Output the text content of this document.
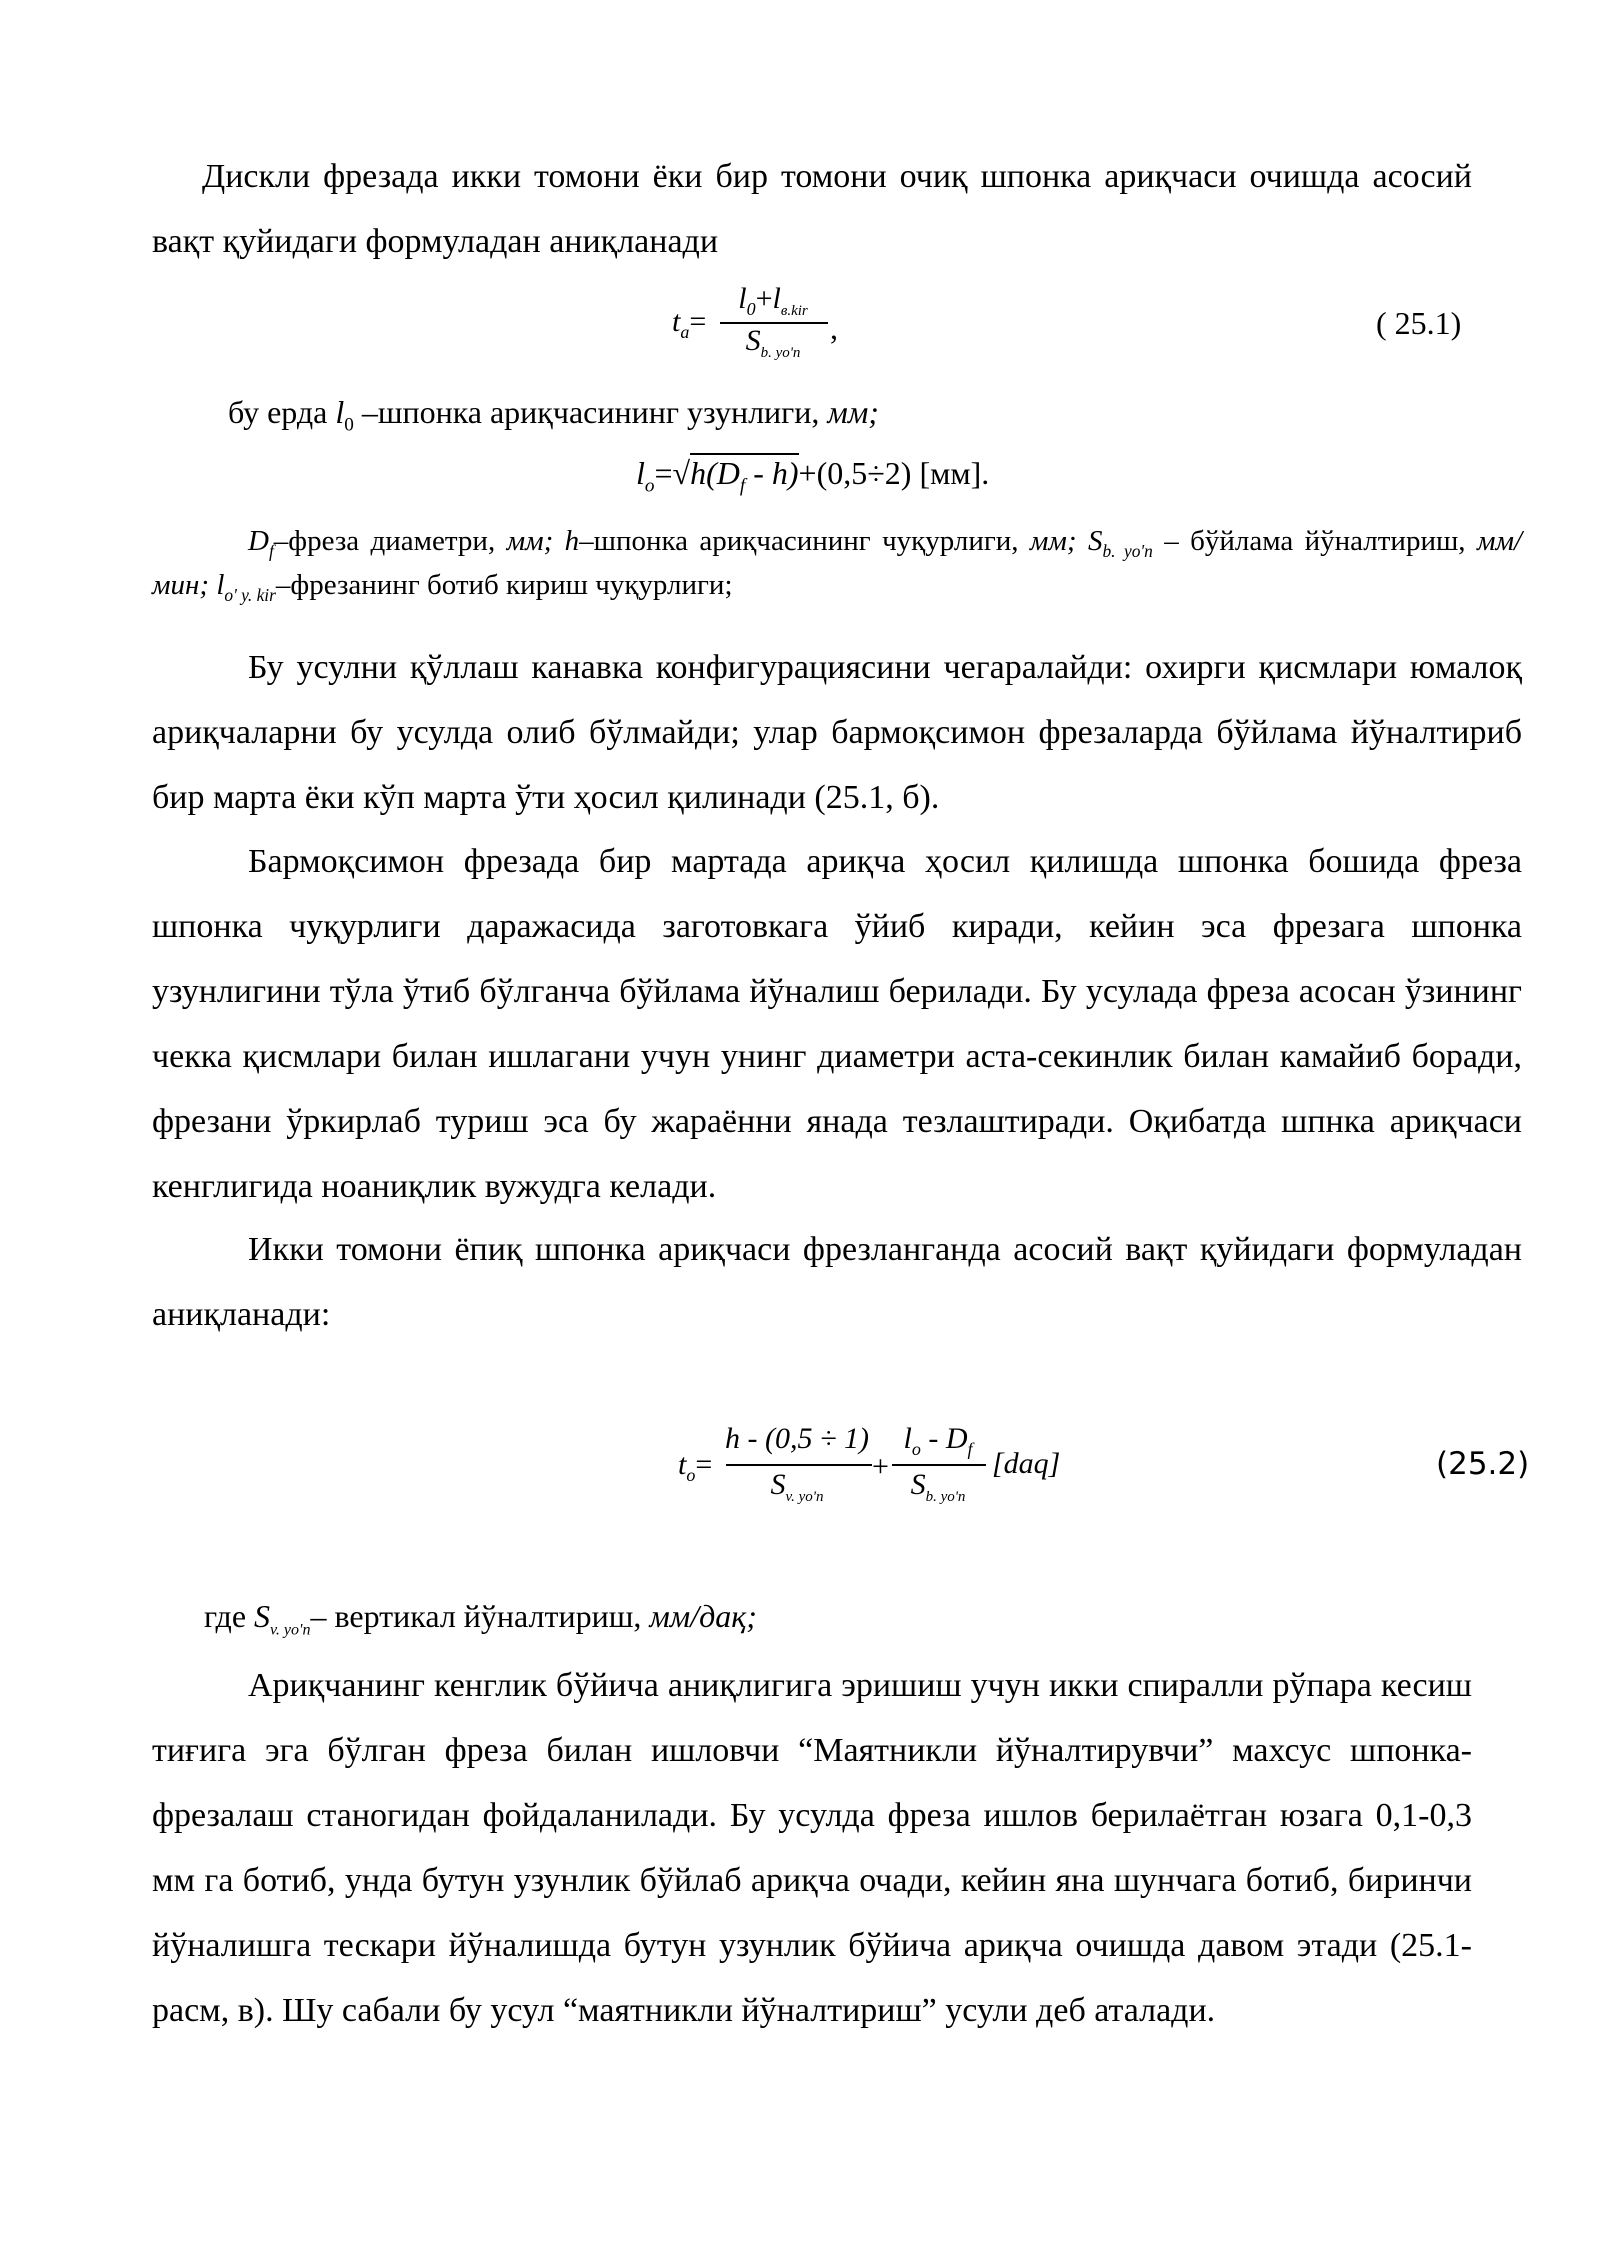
Дискли фрезада икки томони ёки бир томони очиқ шпонка ариқчаси очишда асосий вақт қуйидаги формуладан аниқланади
$t_a=$
$l_0+l_{в.kir}$
$S_{b. yo'n}$
,	( 25.1)
бу ерда $l_0$ –шпонка ариқчасининг узунлиги, мм;
$l_o=√h(D_f - h)+(0,5\div 2)$ [мм].
$D_f$–фреза диаметри, мм; h–шпонка ариқчасининг чуқурлиги, мм; $S_{b. yo'n}$ – бўйлама йўналтириш, мм/мин; $l_{o' y. kir}$–фрезанинг ботиб кириш чуқурлиги;
Бу усулни қўллаш канавка конфигурациясини чегаралайди: охирги қисмлари юмалоқ ариқчаларни бу усулда олиб бўлмайди; улар бармоқсимон фрезаларда бўйлама йўналтириб бир марта ёки кўп марта ўти ҳосил қилинади (25.1, б).
Бармоқсимон фрезада бир мартада ариқча ҳосил қилишда шпонка бошида фреза шпонка чуқурлиги даражасида заготовкага ўйиб киради, кейин эса фрезага шпонка узунлигини тўла ўтиб бўлганча бўйлама йўналиш берилади. Бу усулада фреза асосан ўзининг чекка қисмлари билан ишлагани учун унинг диаметри аста-секинлик билан камайиб боради, фрезани ўркирлаб туриш эса бу жараённи янада тезлаштиради. Оқибатда шпнка ариқчаси кенглигида ноаниқлик вужудга келади.
Икки томони ёпиқ шпонка ариқчаси фрезланганда асосий вақт қуйидаги формуладан аниқланади:
$t_o=$
h - (0,5 ÷ 1)
$S_{v. yo'n}$
+
$l_o - D_f$
$S_{b. yo'n}$
[daq]	(25.2)
где $S_{v. yo'n}-$ вертикал йўналтириш, мм/дақ;
Ариқчанинг кенглик бўйича аниқлигига эришиш учун икки спиралли рўпара кесиш тиғига эга бўлган фреза билан ишловчи “Маятникли йўналтирувчи” махсус шпонка-фрезалаш станогидан фойдаланилади. Бу усулда фреза ишлов берилаётган юзага 0,1-0,3 мм га ботиб, унда бутун узунлик бўйлаб ариқча очади, кейин яна шунчага ботиб, биринчи йўналишга тескари йўналишда бутун узунлик бўйича ариқча очишда давом этади (25.1-расм, в). Шу сабали бу усул “маятникли йўналтириш” усули деб аталади.
